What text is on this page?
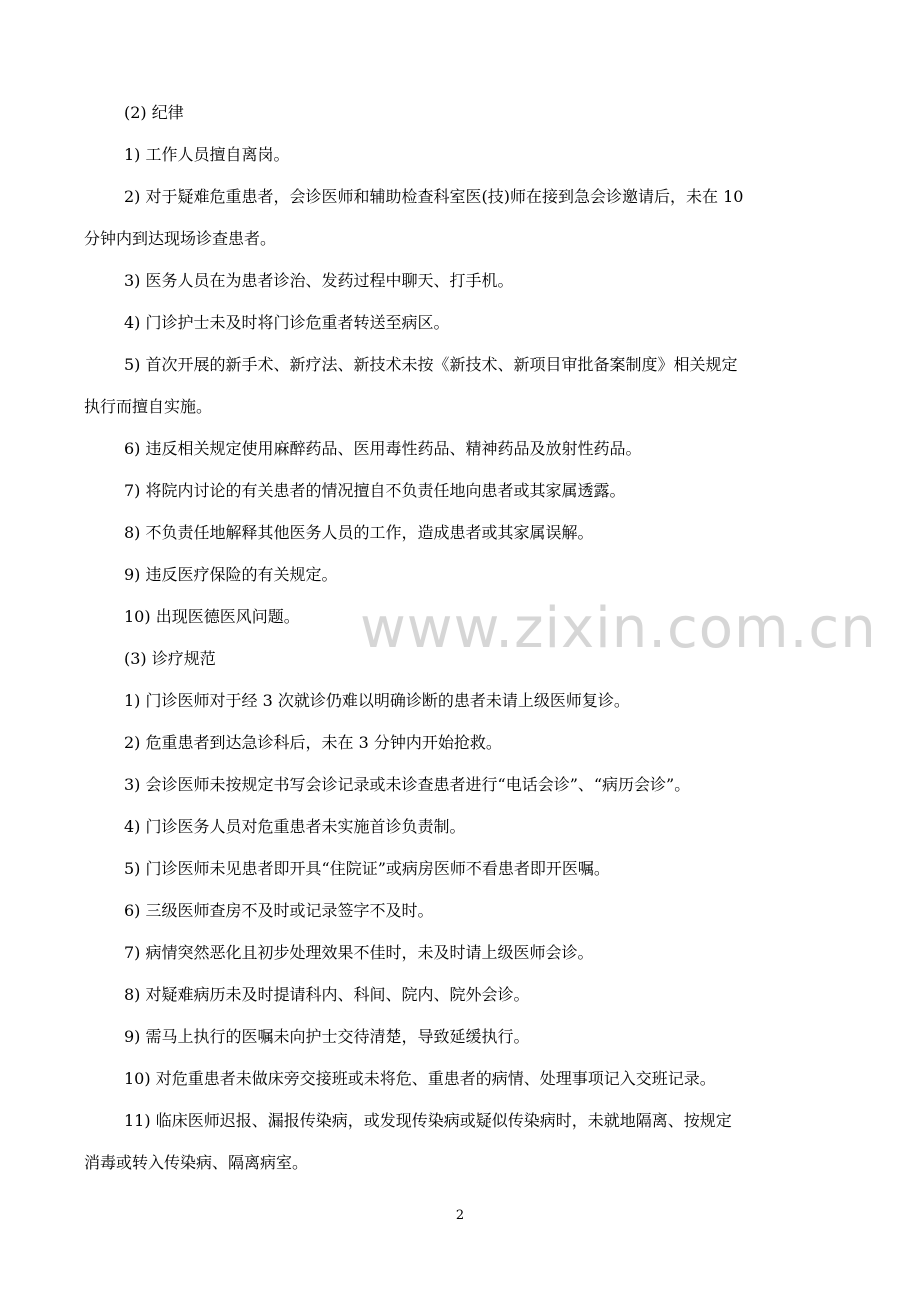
(2) 纪律
1) 工作人员擅自离岗。
2) 对于疑难危重患者，会诊医师和辅助检查科室医(技)师在接到急会诊邀请后，未在 10
分钟内到达现场诊查患者。
3) 医务人员在为患者诊治、发药过程中聊天、打手机。
4) 门诊护士未及时将门诊危重者转送至病区。
5) 首次开展的新手术、新疗法、新技术未按《新技术、新项目审批备案制度》相关规定
执行而擅自实施。
6) 违反相关规定使用麻醉药品、医用毒性药品、精神药品及放射性药品。
7) 将院内讨论的有关患者的情况擅自不负责任地向患者或其家属透露。
8) 不负责任地解释其他医务人员的工作，造成患者或其家属误解。
9) 违反医疗保险的有关规定。
10) 出现医德医风问题。
(3) 诊疗规范
1) 门诊医师对于经 3 次就诊仍难以明确诊断的患者未请上级医师复诊。
2) 危重患者到达急诊科后，未在 3 分钟内开始抢救。
3) 会诊医师未按规定书写会诊记录或未诊查患者进行“电话会诊”、“病历会诊”。
4) 门诊医务人员对危重患者未实施首诊负责制。
5) 门诊医师未见患者即开具“住院证”或病房医师不看患者即开医嘱。
6) 三级医师查房不及时或记录签字不及时。
7) 病情突然恶化且初步处理效果不佳时，未及时请上级医师会诊。
8) 对疑难病历未及时提请科内、科间、院内、院外会诊。
9) 需马上执行的医嘱未向护士交待清楚，导致延缓执行。
10) 对危重患者未做床旁交接班或未将危、重患者的病情、处理事项记入交班记录。
11) 临床医师迟报、漏报传染病，或发现传染病或疑似传染病时，未就地隔离、按规定
消毒或转入传染病、隔离病室。
www.zixin.com.cn
2
